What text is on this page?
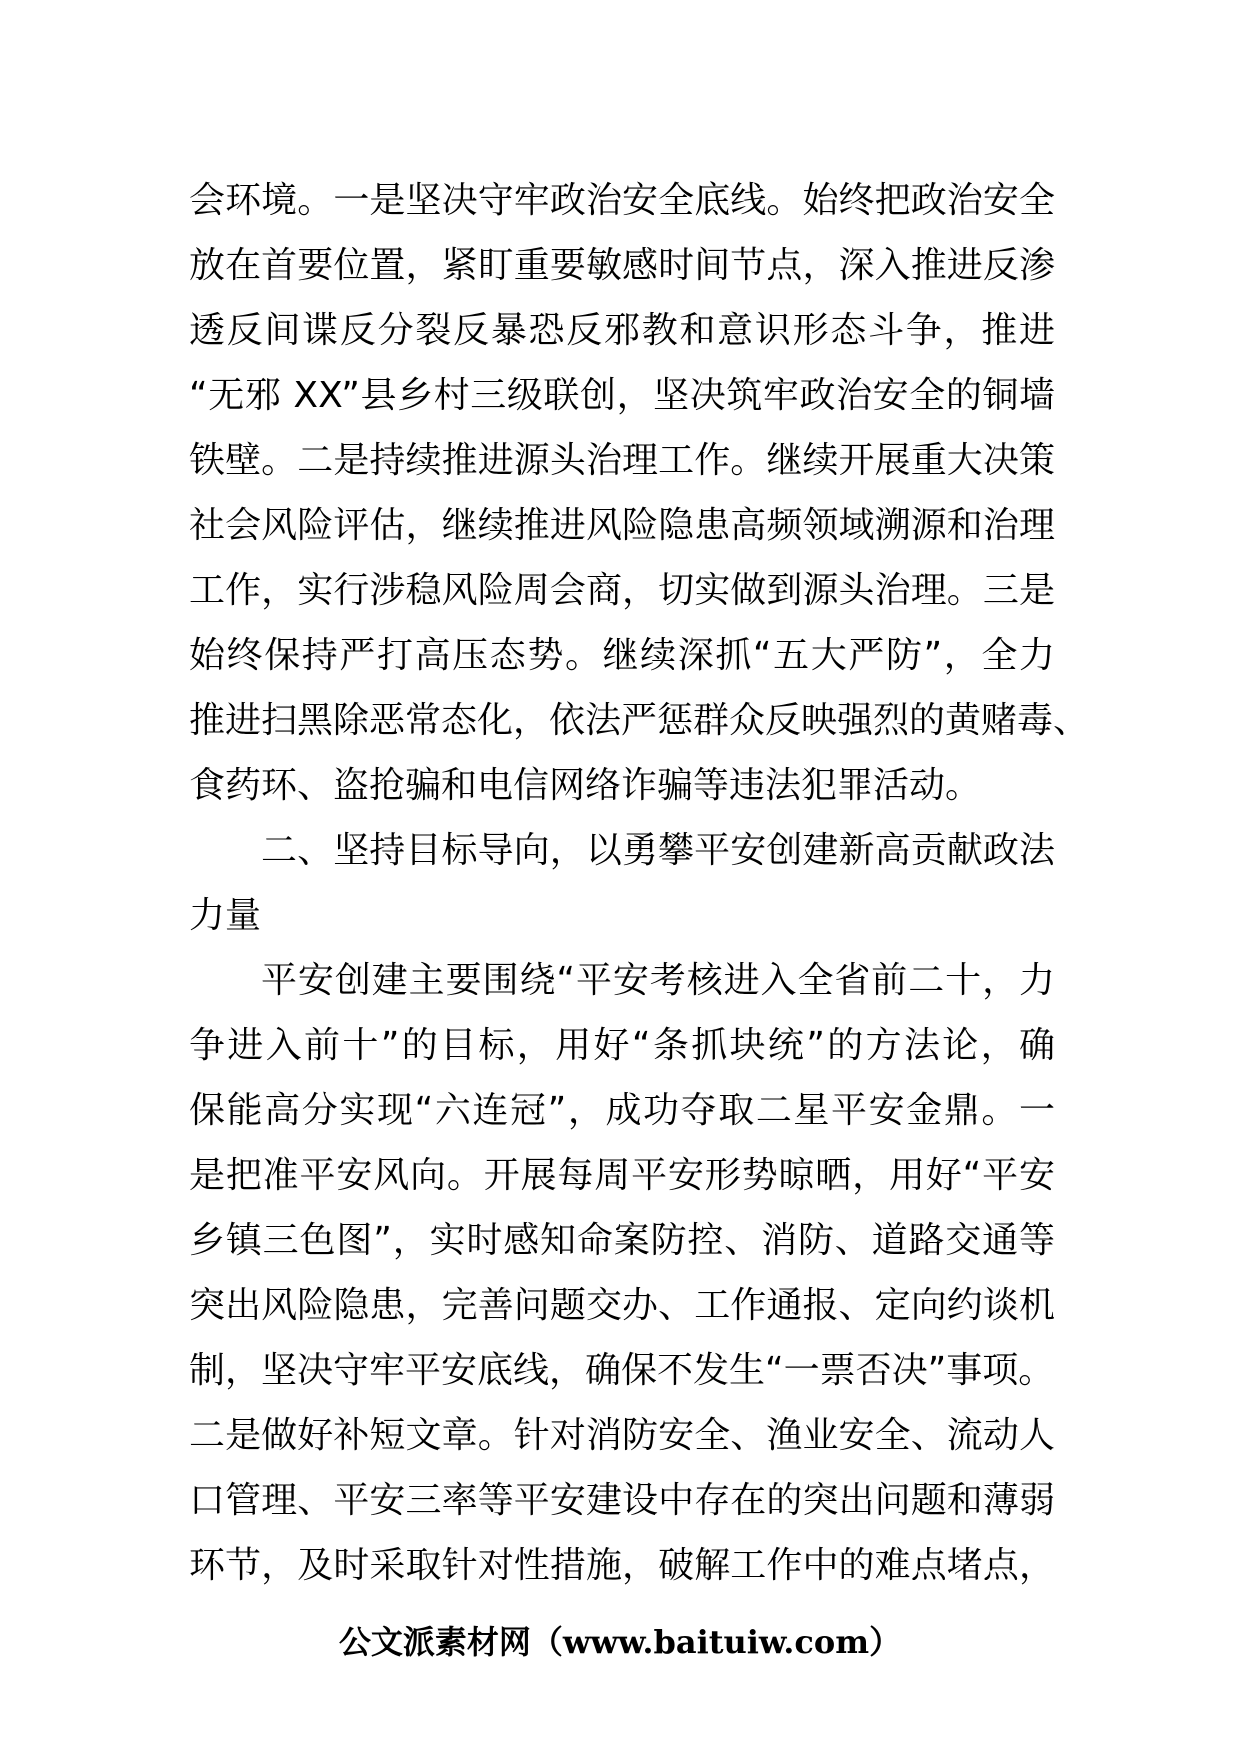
会环境。一是坚决守牢政治安全底线。始终把政治安全
放在首要位置，紧盯重要敏感时间节点，深入推进反渗
透反间谍反分裂反暴恐反邪教和意识形态斗争，推进
“无邪 XX”县乡村三级联创，坚决筑牢政治安全的铜墙
铁壁。二是持续推进源头治理工作。继续开展重大决策
社会风险评估，继续推进风险隐患高频领域溯源和治理
工作，实行涉稳风险周会商，切实做到源头治理。三是
始终保持严打高压态势。继续深抓“五大严防”，全力
推进扫黑除恶常态化，依法严惩群众反映强烈的黄赌毒、
食药环、盗抢骗和电信网络诈骗等违法犯罪活动。
二、坚持目标导向，以勇攀平安创建新高贡献政法
力量
平安创建主要围绕“平安考核进入全省前二十，力
争进入前十”的目标，用好“条抓块统”的方法论，确
保能高分实现“六连冠”，成功夺取二星平安金鼎。一
是把准平安风向。开展每周平安形势晾晒，用好“平安
乡镇三色图”，实时感知命案防控、消防、道路交通等
突出风险隐患，完善问题交办、工作通报、定向约谈机
制，坚决守牢平安底线，确保不发生“一票否决”事项。
二是做好补短文章。针对消防安全、渔业安全、流动人
口管理、平安三率等平安建设中存在的突出问题和薄弱
环节，及时采取针对性措施，破解工作中的难点堵点，
公文派素材网（www.baituiw.com）
